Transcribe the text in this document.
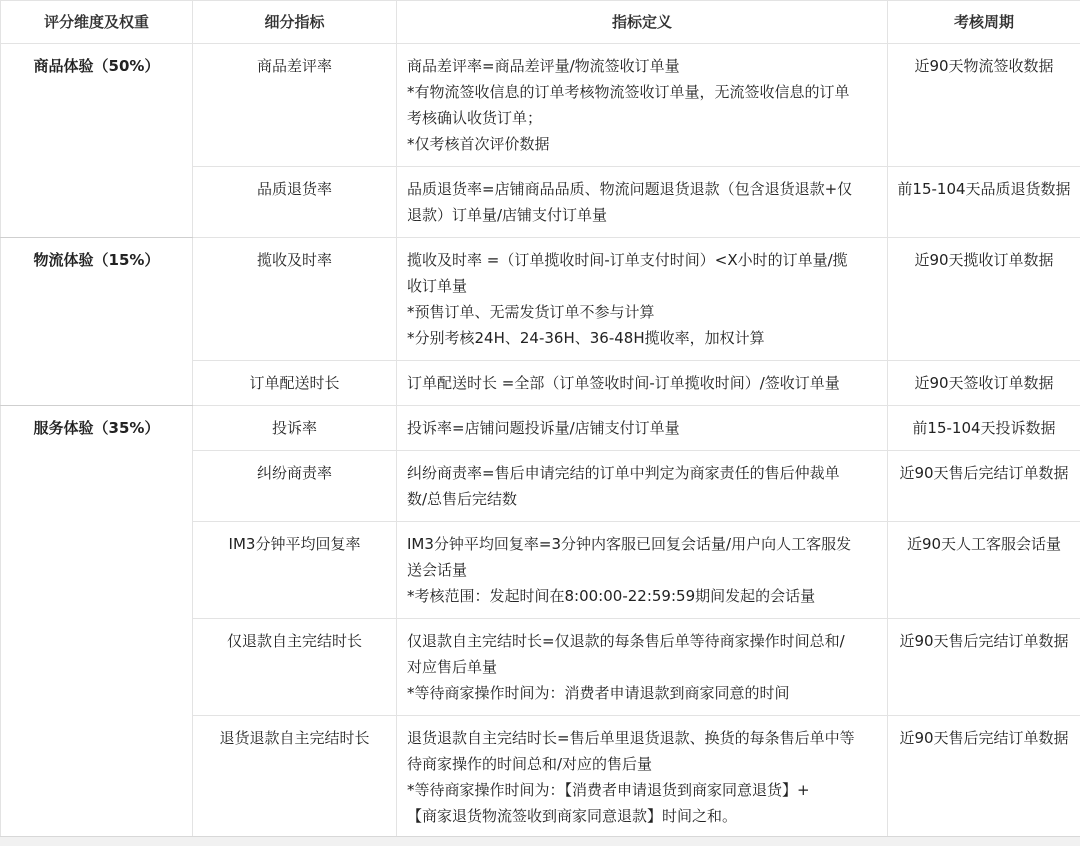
评分维度及权重	细分指标	指标定义	考核周期
商品体验（50%）	商品差评率	商品差评率=商品差评量/物流签收订单量
*有物流签收信息的订单考核物流签收订单量，无流签收信息的订单
考核确认收货订单；
*仅考核首次评价数据	近90天物流签收数据
	品质退货率	品质退货率=店铺商品品质、物流问题退货退款（包含退货退款+仅
退款）订单量/店铺支付订单量	前15-104天品质退货数据
物流体验（15%）	揽收及时率	揽收及时率 =（订单揽收时间-订单支付时间）<X小时的订单量/揽
收订单量
*预售订单、无需发货订单不参与计算
*分别考核24H、24-36H、36-48H揽收率，加权计算	近90天揽收订单数据
	订单配送时长	订单配送时长 =全部（订单签收时间-订单揽收时间）/签收订单量	近90天签收订单数据
服务体验（35%）	投诉率	投诉率=店铺问题投诉量/店铺支付订单量	前15-104天投诉数据
	纠纷商责率	纠纷商责率=售后申请完结的订单中判定为商家责任的售后仲裁单
数/总售后完结数	近90天售后完结订单数据
	IM3分钟平均回复率	IM3分钟平均回复率=3分钟内客服已回复会话量/用户向人工客服发
送会话量
*考核范围：发起时间在8:00:00-22:59:59期间发起的会话量	近90天人工客服会话量
	仅退款自主完结时长	仅退款自主完结时长=仅退款的每条售后单等待商家操作时间总和/
对应售后单量
*等待商家操作时间为：消费者申请退款到商家同意的时间	近90天售后完结订单数据
	退货退款自主完结时长	退货退款自主完结时长=售后单里退货退款、换货的每条售后单中等
待商家操作的时间总和/对应的售后量
*等待商家操作时间为：【消费者申请退货到商家同意退货】+
【商家退货物流签收到商家同意退款】时间之和。	近90天售后完结订单数据
